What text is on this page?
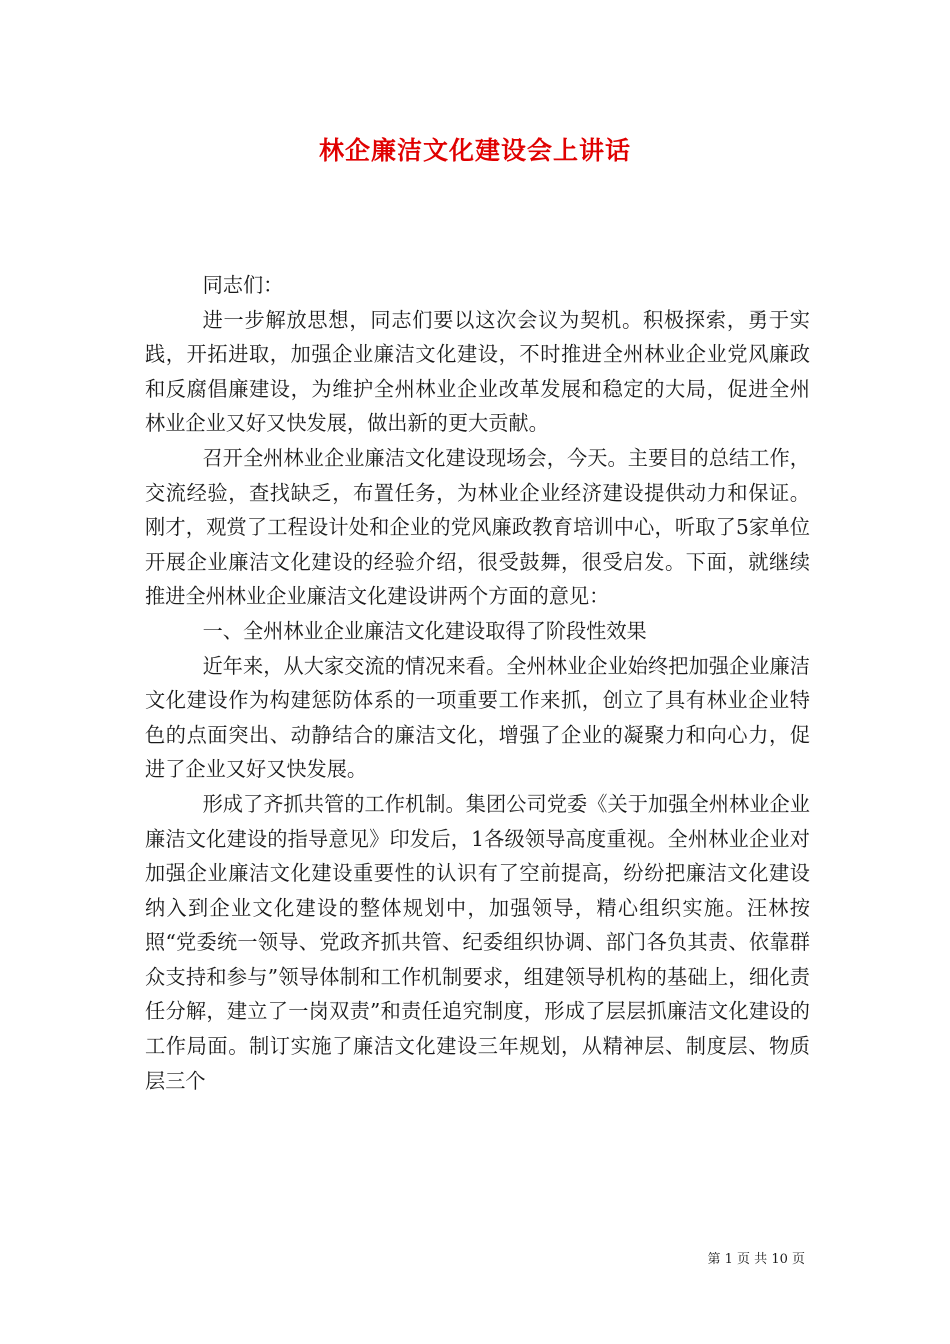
林企廉洁文化建设会上讲话

同志们：

进一步解放思想，同志们要以这次会议为契机。积极探索，勇于实践，开拓进取，加强企业廉洁文化建设，不时推进全州林业企业党风廉政和反腐倡廉建设，为维护全州林业企业改革发展和稳定的大局，促进全州林业企业又好又快发展，做出新的更大贡献。

召开全州林业企业廉洁文化建设现场会，今天。主要目的总结工作，交流经验，查找缺乏，布置任务，为林业企业经济建设提供动力和保证。刚才，观赏了工程设计处和企业的党风廉政教育培训中心，听取了5家单位开展企业廉洁文化建设的经验介绍，很受鼓舞，很受启发。下面，就继续推进全州林业企业廉洁文化建设讲两个方面的意见：

一、全州林业企业廉洁文化建设取得了阶段性效果

近年来，从大家交流的情况来看。全州林业企业始终把加强企业廉洁文化建设作为构建惩防体系的一项重要工作来抓，创立了具有林业企业特色的点面突出、动静结合的廉洁文化，增强了企业的凝聚力和向心力，促进了企业又好又快发展。

形成了齐抓共管的工作机制。集团公司党委《关于加强全州林业企业廉洁文化建设的指导意见》印发后，1各级领导高度重视。全州林业企业对加强企业廉洁文化建设重要性的认识有了空前提高，纷纷把廉洁文化建设纳入到企业文化建设的整体规划中，加强领导，精心组织实施。汪林按照“党委统一领导、党政齐抓共管、纪委组织协调、部门各负其责、依靠群众支持和参与”领导体制和工作机制要求，组建领导机构的基础上，细化责任分解，建立了一岗双责”和责任追究制度，形成了层层抓廉洁文化建设的工作局面。制订实施了廉洁文化建设三年规划，从精神层、制度层、物质层三个

第 1 页 共 10 页
